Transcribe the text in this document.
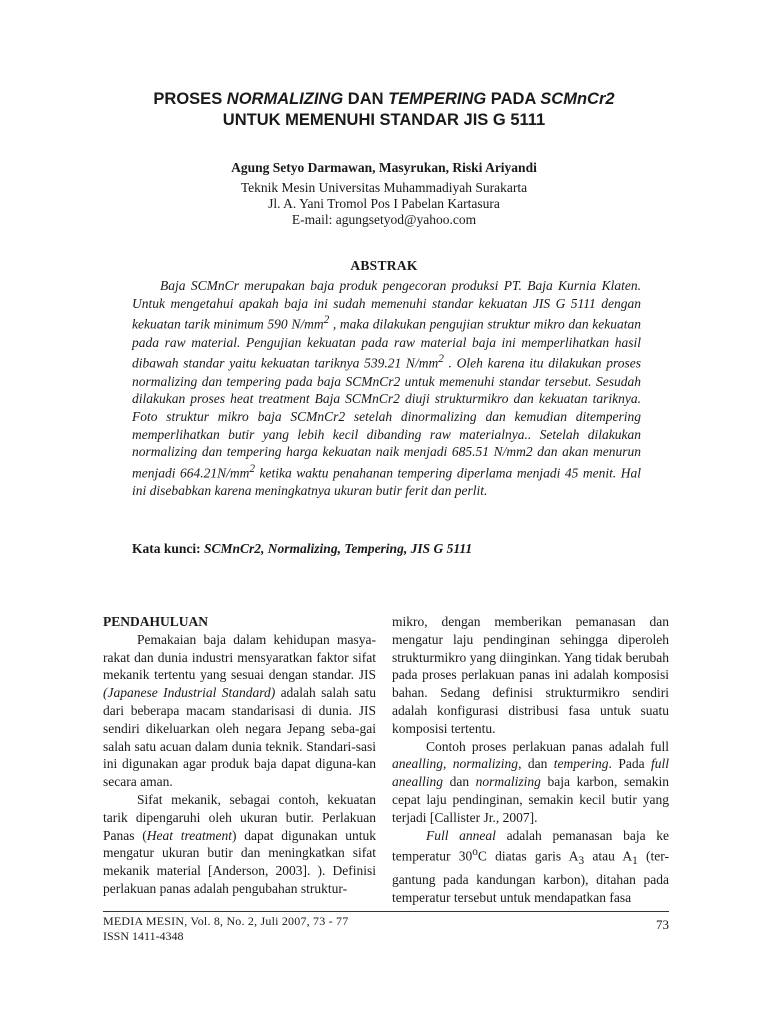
PROSES NORMALIZING DAN TEMPERING PADA SCMnCr2
UNTUK MEMENUHI STANDAR JIS G 5111
Agung Setyo Darmawan, Masyrukan, Riski Ariyandi
Teknik Mesin Universitas Muhammadiyah Surakarta
Jl. A. Yani Tromol Pos I Pabelan Kartasura
E-mail: agungsetyod@yahoo.com
ABSTRAK

Baja SCMnCr merupakan baja produk pengecoran produksi PT. Baja Kurnia Klaten. Untuk mengetahui apakah baja ini sudah memenuhi standar kekuatan JIS G 5111 dengan kekuatan tarik minimum 590 $N/mm^2$ , maka dilakukan pengujian struktur mikro dan kekuatan pada raw material. Pengujian kekuatan pada raw material baja ini memperlihatkan hasil dibawah standar yaitu kekuatan tariknya 539.21 $N/mm^2$ . Oleh karena itu dilakukan proses normalizing dan tempering pada baja SCMnCr2 untuk memenuhi standar tersebut. Sesudah dilakukan proses heat treatment Baja SCMnCr2 diuji strukturmikro dan kekuatan tariknya. Foto struktur mikro baja SCMnCr2 setelah dinormalizing dan kemudian ditempering memperlihatkan butir yang lebih kecil dibanding raw materialnya.. Setelah dilakukan normalizing dan tempering harga kekuatan naik menjadi 685.51 N/mm2 dan akan menurun menjadi $664.21N/mm^2$ ketika waktu penahanan tempering diperlama menjadi 45 menit. Hal ini disebabkan karena meningkatnya ukuran butir ferit dan perlit.

Kata kunci: SCMnCr2, Normalizing, Tempering, JIS G 5111

PENDAHULUAN

Pemakaian baja dalam kehidupan masya-rakat dan dunia industri mensyaratkan faktor sifat mekanik tertentu yang sesuai dengan standar. JIS (Japanese Industrial Standard) adalah salah satu dari beberapa macam standarisasi di dunia. JIS sendiri dikeluarkan oleh negara Jepang seba-gai salah satu acuan dalam dunia teknik. Standari-sasi ini digunakan agar produk baja dapat diguna-kan secara aman.

Sifat mekanik, sebagai contoh, kekuatan tarik dipengaruhi oleh ukuran butir. Perlakuan Panas (Heat treatment) dapat digunakan untuk mengatur ukuran butir dan meningkatkan sifat mekanik material [Anderson, 2003]. ). Definisi perlakuan panas adalah pengubahan struktur-

mikro, dengan memberikan pemanasan dan mengatur laju pendinginan sehingga diperoleh strukturmikro yang diinginkan. Yang tidak berubah pada proses perlakuan panas ini adalah komposisi bahan. Sedang definisi strukturmikro sendiri adalah konfigurasi distribusi fasa untuk suatu komposisi tertentu.

Contoh proses perlakuan panas adalah full anealling, normalizing, dan tempering. Pada full anealling dan normalizing baja karbon, semakin cepat laju pendinginan, semakin kecil butir yang terjadi [Callister Jr., 2007].

Full anneal adalah pemanasan baja ke temperatur 30$^o$C diatas garis $A_3$ atau $A_1$ (ter-gantung pada kandungan karbon), ditahan pada temperatur tersebut untuk mendapatkan fasa

MEDIA MESIN, Vol. 8, No. 2, Juli 2007, 73 - 77
ISSN 1411-4348
73
